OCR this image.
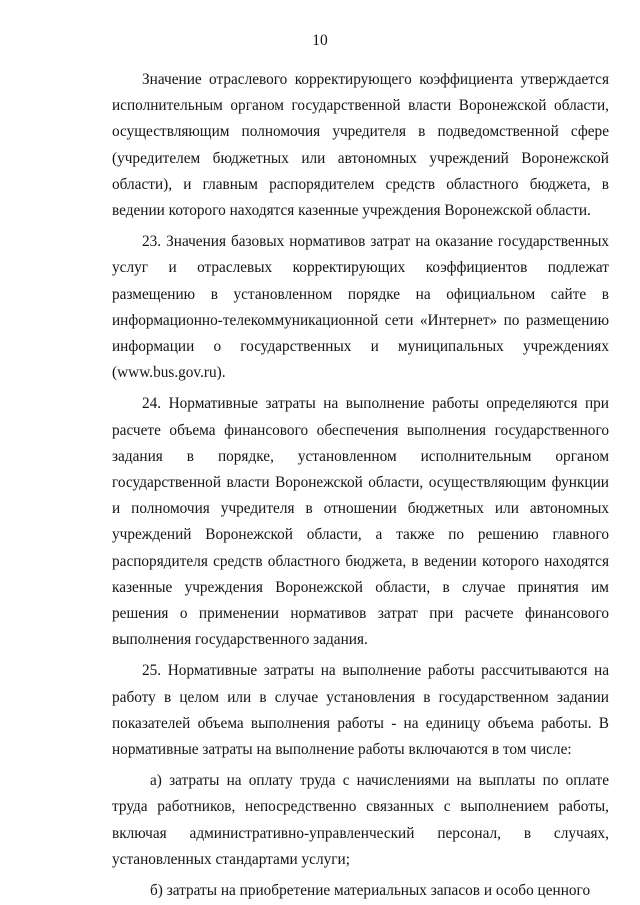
10

Значение отраслевого корректирующего коэффициента утверждается исполнительным органом государственной власти Воронежской области, осуществляющим полномочия учредителя в подведомственной сфере (учредителем бюджетных или автономных учреждений Воронежской области), и главным распорядителем средств областного бюджета, в ведении которого находятся казенные учреждения Воронежской области.

23. Значения базовых нормативов затрат на оказание государственных услуг и отраслевых корректирующих коэффициентов подлежат размещению в установленном порядке на официальном сайте в информационно-телекоммуникационной сети «Интернет» по размещению информации о государственных и муниципальных учреждениях (www.bus.gov.ru).

24. Нормативные затраты на выполнение работы определяются при расчете объема финансового обеспечения выполнения государственного задания в порядке, установленном исполнительным органом государственной власти Воронежской области, осуществляющим функции и полномочия учредителя в отношении бюджетных или автономных учреждений Воронежской области, а также по решению главного распорядителя средств областного бюджета, в ведении которого находятся казенные учреждения Воронежской области, в случае принятия им решения о применении нормативов затрат при расчете финансового выполнения государственного задания.

25. Нормативные затраты на выполнение работы рассчитываются на работу в целом или в случае установления в государственном задании показателей объема выполнения работы - на единицу объема работы. В нормативные затраты на выполнение работы включаются в том числе:

а) затраты на оплату труда с начислениями на выплаты по оплате труда работников, непосредственно связанных с выполнением работы, включая административно-управленческий персонал, в случаях, установленных стандартами услуги;

б) затраты на приобретение материальных запасов и особо ценного
